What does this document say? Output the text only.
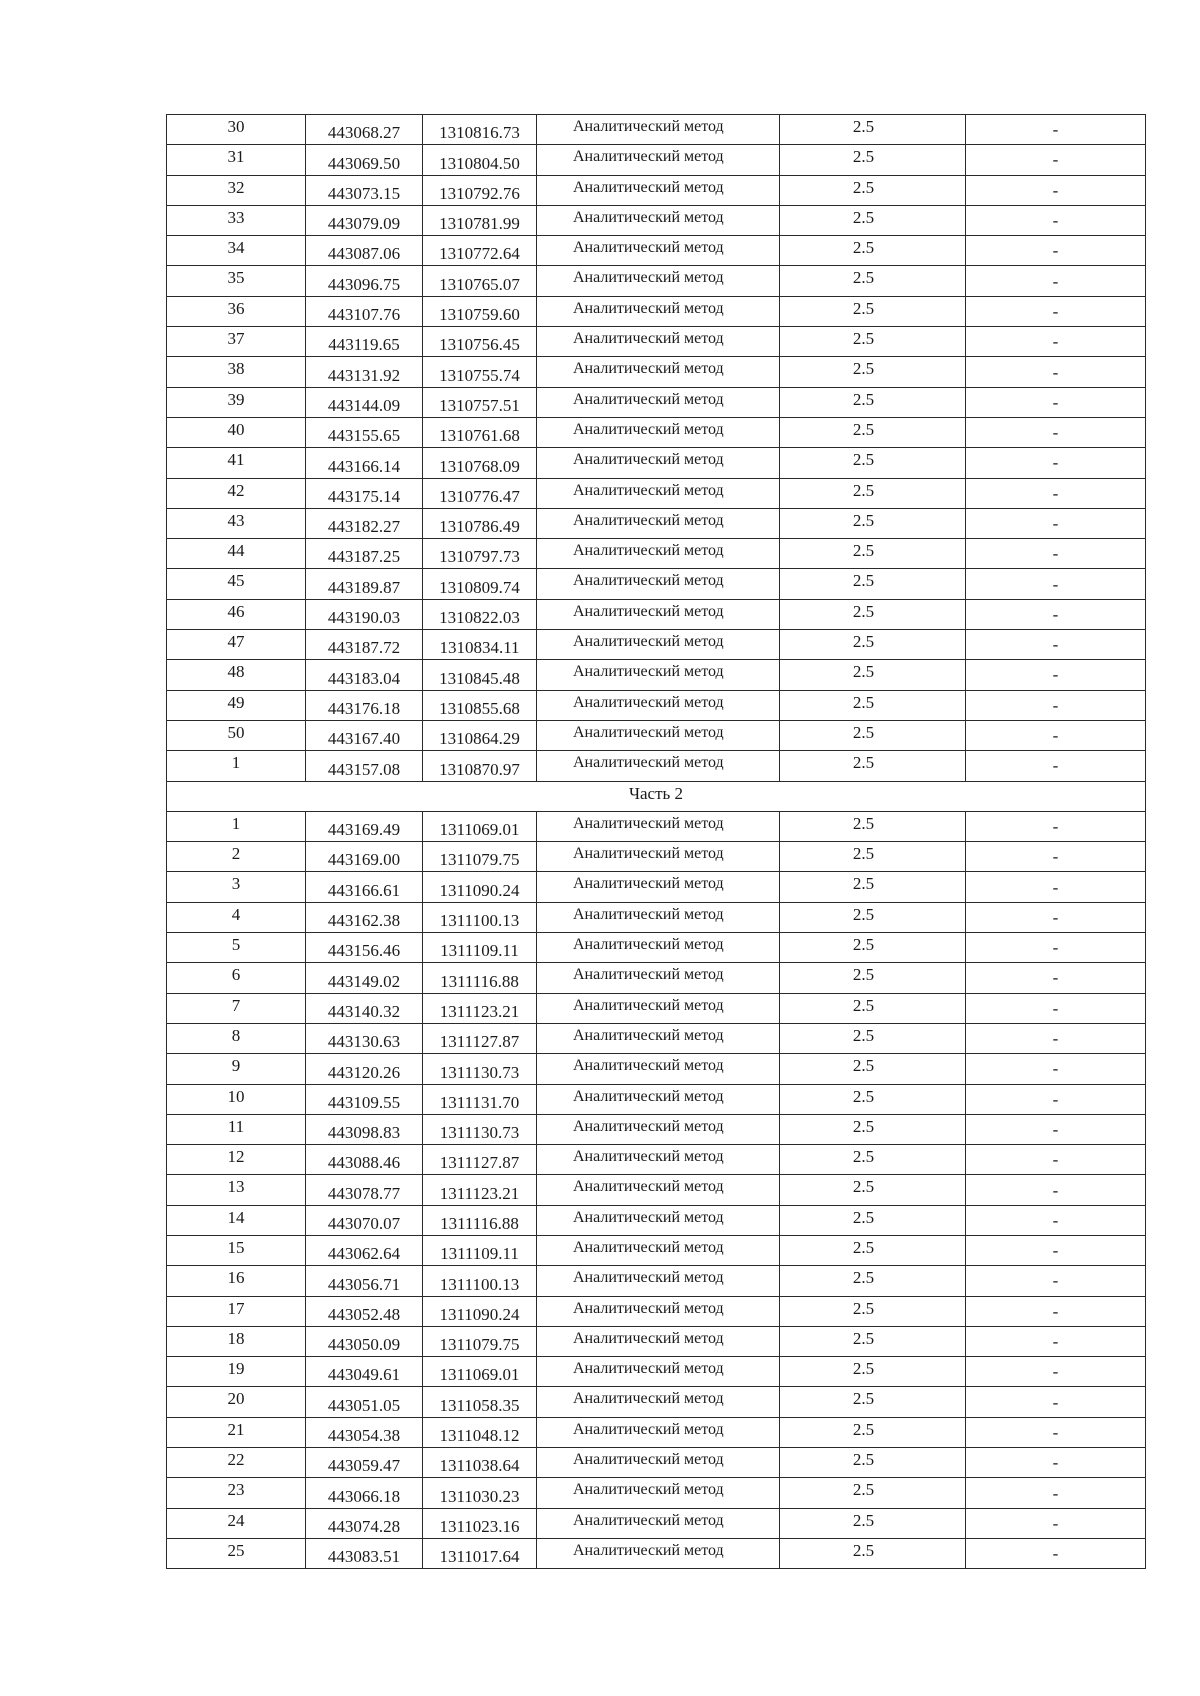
30	443068.27	1310816.73	Аналитический метод	2.5	-
31	443069.50	1310804.50	Аналитический метод	2.5	-
32	443073.15	1310792.76	Аналитический метод	2.5	-
33	443079.09	1310781.99	Аналитический метод	2.5	-
34	443087.06	1310772.64	Аналитический метод	2.5	-
35	443096.75	1310765.07	Аналитический метод	2.5	-
36	443107.76	1310759.60	Аналитический метод	2.5	-
37	443119.65	1310756.45	Аналитический метод	2.5	-
38	443131.92	1310755.74	Аналитический метод	2.5	-
39	443144.09	1310757.51	Аналитический метод	2.5	-
40	443155.65	1310761.68	Аналитический метод	2.5	-
41	443166.14	1310768.09	Аналитический метод	2.5	-
42	443175.14	1310776.47	Аналитический метод	2.5	-
43	443182.27	1310786.49	Аналитический метод	2.5	-
44	443187.25	1310797.73	Аналитический метод	2.5	-
45	443189.87	1310809.74	Аналитический метод	2.5	-
46	443190.03	1310822.03	Аналитический метод	2.5	-
47	443187.72	1310834.11	Аналитический метод	2.5	-
48	443183.04	1310845.48	Аналитический метод	2.5	-
49	443176.18	1310855.68	Аналитический метод	2.5	-
50	443167.40	1310864.29	Аналитический метод	2.5	-
1	443157.08	1310870.97	Аналитический метод	2.5	-
Часть 2					
1	443169.49	1311069.01	Аналитический метод	2.5	-
2	443169.00	1311079.75	Аналитический метод	2.5	-
3	443166.61	1311090.24	Аналитический метод	2.5	-
4	443162.38	1311100.13	Аналитический метод	2.5	-
5	443156.46	1311109.11	Аналитический метод	2.5	-
6	443149.02	1311116.88	Аналитический метод	2.5	-
7	443140.32	1311123.21	Аналитический метод	2.5	-
8	443130.63	1311127.87	Аналитический метод	2.5	-
9	443120.26	1311130.73	Аналитический метод	2.5	-
10	443109.55	1311131.70	Аналитический метод	2.5	-
11	443098.83	1311130.73	Аналитический метод	2.5	-
12	443088.46	1311127.87	Аналитический метод	2.5	-
13	443078.77	1311123.21	Аналитический метод	2.5	-
14	443070.07	1311116.88	Аналитический метод	2.5	-
15	443062.64	1311109.11	Аналитический метод	2.5	-
16	443056.71	1311100.13	Аналитический метод	2.5	-
17	443052.48	1311090.24	Аналитический метод	2.5	-
18	443050.09	1311079.75	Аналитический метод	2.5	-
19	443049.61	1311069.01	Аналитический метод	2.5	-
20	443051.05	1311058.35	Аналитический метод	2.5	-
21	443054.38	1311048.12	Аналитический метод	2.5	-
22	443059.47	1311038.64	Аналитический метод	2.5	-
23	443066.18	1311030.23	Аналитический метод	2.5	-
24	443074.28	1311023.16	Аналитический метод	2.5	-
25	443083.51	1311017.64	Аналитический метод	2.5	-
